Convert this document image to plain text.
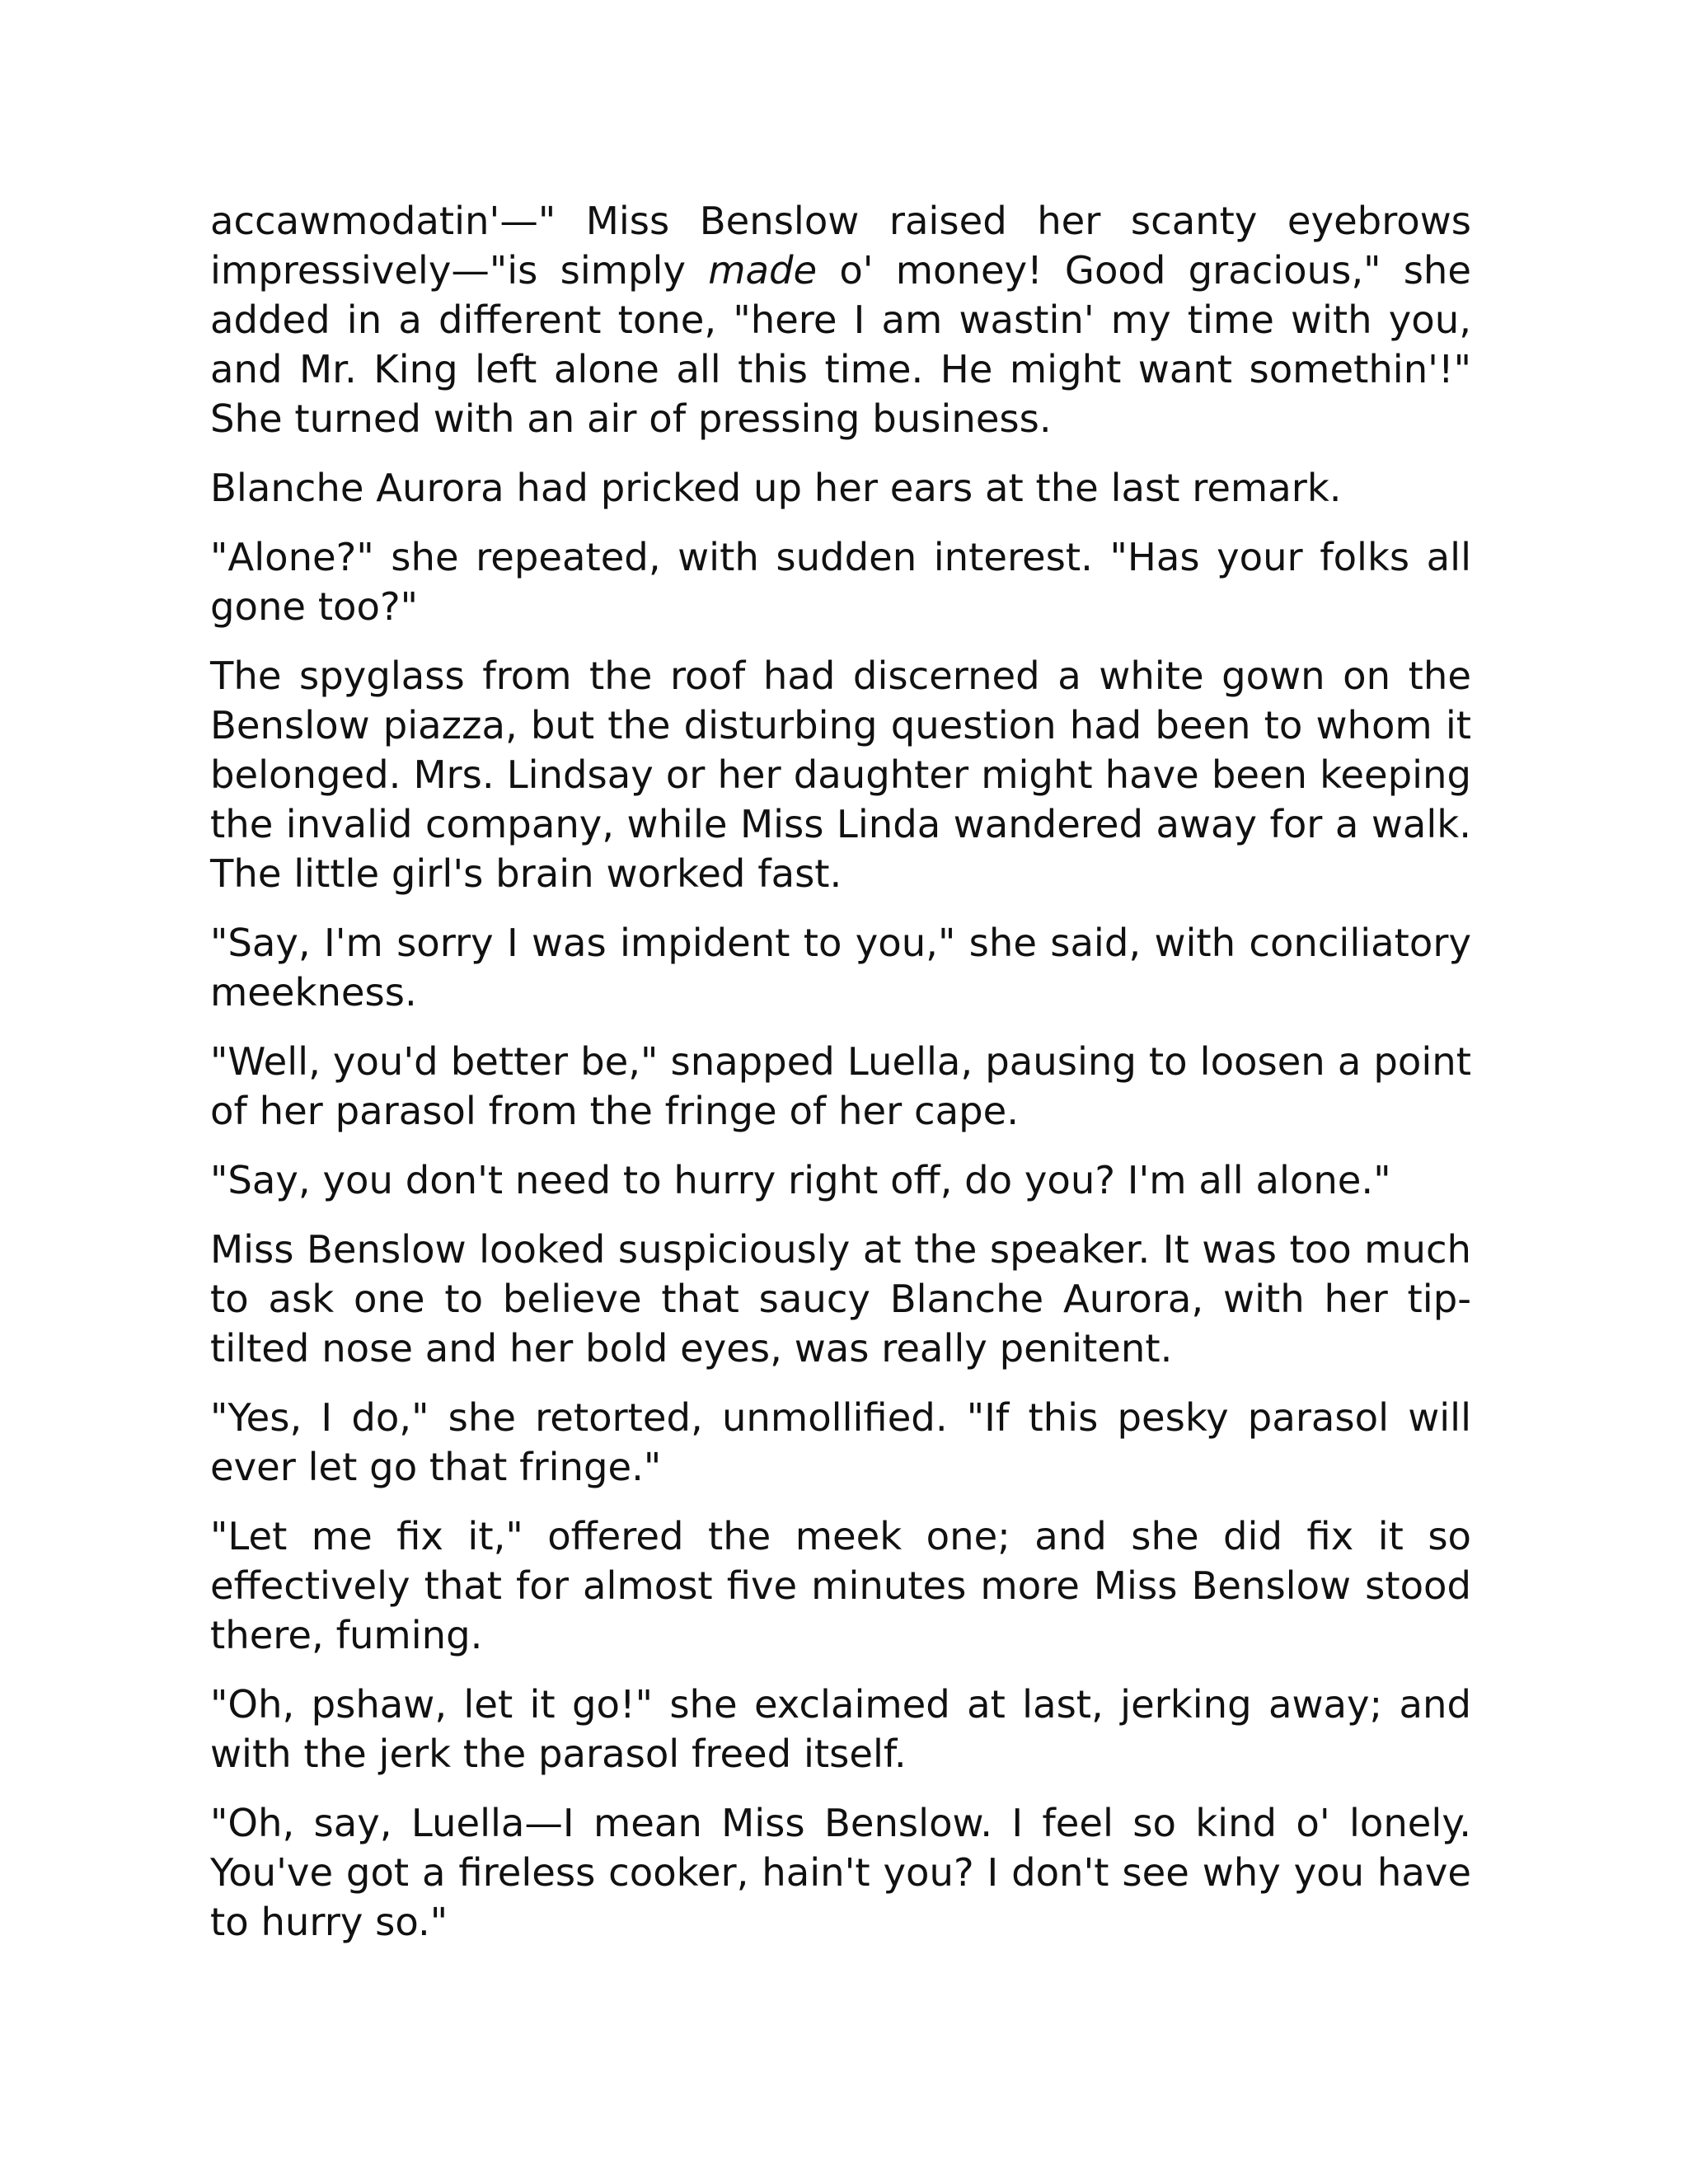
accawmodatin'—" Miss Benslow raised her scanty eyebrows impressively—"is simply made o' money! Good gracious," she added in a different tone, "here I am wastin' my time with you, and Mr. King left alone all this time. He might want somethin'!" She turned with an air of pressing business.

Blanche Aurora had pricked up her ears at the last remark.

"Alone?" she repeated, with sudden interest. "Has your folks all gone too?"

The spyglass from the roof had discerned a white gown on the Benslow piazza, but the disturbing question had been to whom it belonged. Mrs. Lindsay or her daughter might have been keeping the invalid company, while Miss Linda wandered away for a walk. The little girl's brain worked fast.

"Say, I'm sorry I was impident to you," she said, with conciliatory meekness.

"Well, you'd better be," snapped Luella, pausing to loosen a point of her parasol from the fringe of her cape.

"Say, you don't need to hurry right off, do you? I'm all alone."

Miss Benslow looked suspiciously at the speaker. It was too much to ask one to believe that saucy Blanche Aurora, with her tip-tilted nose and her bold eyes, was really penitent.

"Yes, I do," she retorted, unmollified. "If this pesky parasol will ever let go that fringe."

"Let me fix it," offered the meek one; and she did fix it so effectively that for almost five minutes more Miss Benslow stood there, fuming.

"Oh, pshaw, let it go!" she exclaimed at last, jerking away; and with the jerk the parasol freed itself.

"Oh, say, Luella—I mean Miss Benslow. I feel so kind o' lonely. You've got a fireless cooker, hain't you? I don't see why you have to hurry so."
